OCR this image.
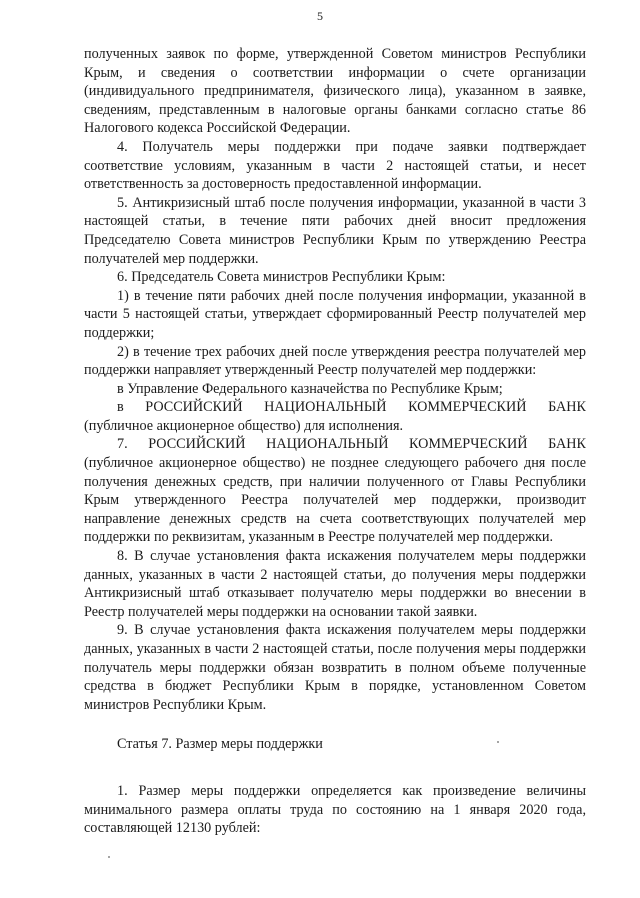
5

полученных заявок по форме, утвержденной Советом министров Республики Крым, и сведения о соответствии информации о счете организации (индивидуального предпринимателя, физического лица), указанном в заявке, сведениям, представленным в налоговые органы банками согласно статье 86 Налогового кодекса Российской Федерации.

4. Получатель меры поддержки при подаче заявки подтверждает соответствие условиям, указанным в части 2 настоящей статьи, и несет ответственность за достоверность предоставленной информации.

5. Антикризисный штаб после получения информации, указанной в части 3 настоящей статьи, в течение пяти рабочих дней вносит предложения Председателю Совета министров Республики Крым по утверждению Реестра получателей мер поддержки.

6. Председатель Совета министров Республики Крым:

1) в течение пяти рабочих дней после получения информации, указанной в части 5 настоящей статьи, утверждает сформированный Реестр получателей мер поддержки;

2) в течение трех рабочих дней после утверждения реестра получателей мер поддержки направляет утвержденный Реестр получателей мер поддержки:

в Управление Федерального казначейства по Республике Крым;

в РОССИЙСКИЙ НАЦИОНАЛЬНЫЙ КОММЕРЧЕСКИЙ БАНК (публичное акционерное общество) для исполнения.

7. РОССИЙСКИЙ НАЦИОНАЛЬНЫЙ КОММЕРЧЕСКИЙ БАНК (публичное акционерное общество) не позднее следующего рабочего дня после получения денежных средств, при наличии полученного от Главы Республики Крым утвержденного Реестра получателей мер поддержки, производит направление денежных средств на счета соответствующих получателей мер поддержки по реквизитам, указанным в Реестре получателей мер поддержки.

8. В случае установления факта искажения получателем меры поддержки данных, указанных в части 2 настоящей статьи, до получения меры поддержки Антикризисный штаб отказывает получателю меры поддержки во внесении в Реестр получателей меры поддержки на основании такой заявки.

9. В случае установления факта искажения получателем меры поддержки данных, указанных в части 2 настоящей статьи, после получения меры поддержки получатель меры поддержки обязан возвратить в полном объеме полученные средства в бюджет Республики Крым в порядке, установленном Советом министров Республики Крым.

Статья 7. Размер меры поддержки

1. Размер меры поддержки определяется как произведение величины минимального размера оплаты труда по состоянию на 1 января 2020 года, составляющей 12130 рублей:
